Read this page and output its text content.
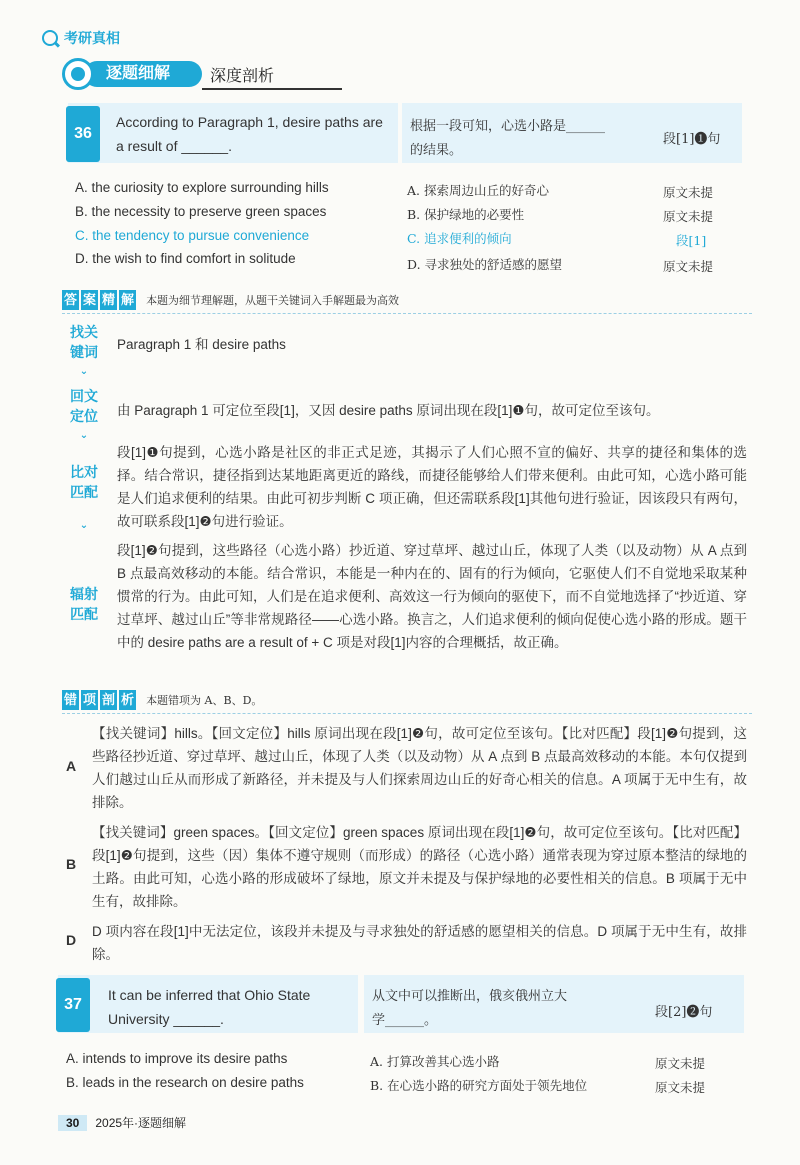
考研真相
逐题细解	深度剖析
36
According to Paragraph 1, desire paths are
a result of ______.
根据一段可知，心选小路是______
的结果。
段[1]❶句
A. the curiosity to explore surrounding hills	A. 探索周边山丘的好奇心	原文未提
B. the necessity to preserve green spaces	B. 保护绿地的必要性	原文未提
C. the tendency to pursue convenience	C. 追求便利的倾向	段[1]
D. the wish to find comfort in solitude	D. 寻求独处的舒适感的愿望	原文未提
答 案 精 解 本题为细节理解题，从题干关键词入手解题最为高效
找关
键词
⌄
回文
定位
⌄
比对
匹配
⌄
辐射
匹配
Paragraph 1 和 desire paths
由 Paragraph 1 可定位至段[1]，又因 desire paths 原词出现在段[1]❶句，故可定位至该句。
段[1]❶句提到，心选小路是社区的非正式足迹，其揭示了人们心照不宣的偏好、共享的捷径和集体的选择。结合常识，捷径指到达某地距离更近的路线，而捷径能够给人们带来便利。由此可知，心选小路可能是人们追求便利的结果。由此可初步判断 C 项正确，但还需联系段[1]其他句进行验证，因该段只有两句，故可联系段[1]❷句进行验证。
段[1]❷句提到，这些路径（心选小路）抄近道、穿过草坪、越过山丘，体现了人类（以及动物）从 A 点到 B 点最高效移动的本能。结合常识，本能是一种内在的、固有的行为倾向，它驱使人们不自觉地采取某种惯常的行为。由此可知，人们是在追求便利、高效这一行为倾向的驱使下，而不自觉地选择了“抄近道、穿过草坪、越过山丘”等非常规路径——心选小路。换言之，人们追求便利的倾向促使心选小路的形成。题干中的 desire paths are a result of + C 项是对段[1]内容的合理概括，故正确。
错 项 剖 析 本题错项为 A、B、D。
A
【找关键词】hills。【回文定位】hills 原词出现在段[1]❷句，故可定位至该句。【比对匹配】段[1]❷句提到，这些路径抄近道、穿过草坪、越过山丘，体现了人类（以及动物）从 A 点到 B 点最高效移动的本能。本句仅提到人们越过山丘从而形成了新路径，并未提及与人们探索周边山丘的好奇心相关的信息。A 项属于无中生有，故排除。
B
【找关键词】green spaces。【回文定位】green spaces 原词出现在段[1]❷句，故可定位至该句。【比对匹配】段[1]❷句提到，这些（因）集体不遵守规则（而形成）的路径（心选小路）通常表现为穿过原本整洁的绿地的土路。由此可知，心选小路的形成破坏了绿地，原文并未提及与保护绿地的必要性相关的信息。B 项属于无中生有，故排除。
D
D 项内容在段[1]中无法定位，该段并未提及与寻求独处的舒适感的愿望相关的信息。D 项属于无中生有，故排除。
37
It can be inferred that Ohio State
University ______.
从文中可以推断出，俄亥俄州立大
学______。
段[2]❷句
A. intends to improve its desire paths	A. 打算改善其心选小路	原文未提
B. leads in the research on desire paths	B. 在心选小路的研究方面处于领先地位	原文未提
30	2025年·逐题细解
